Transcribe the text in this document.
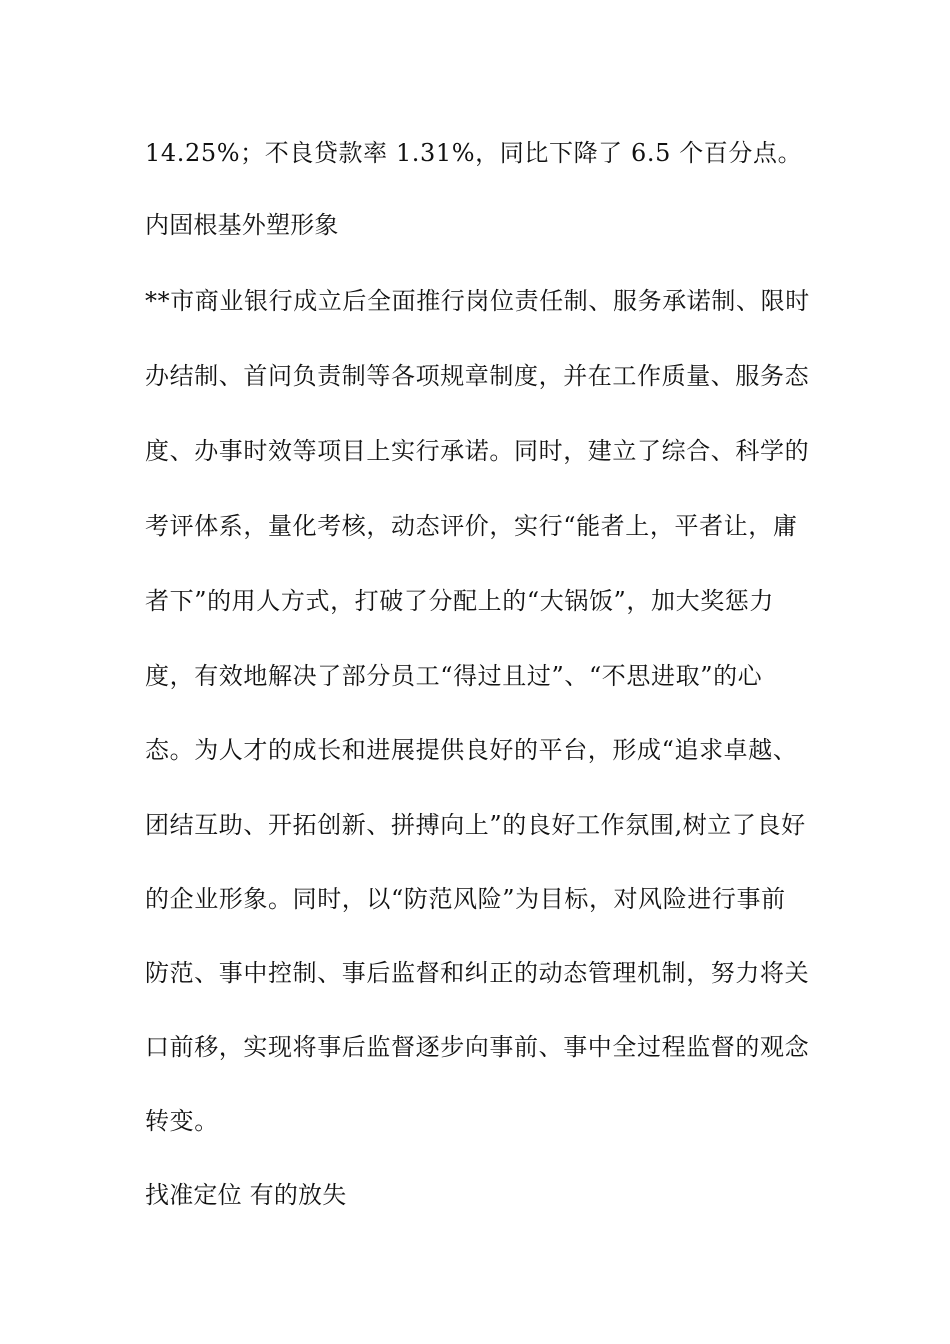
14.25%；不良贷款率 1.31%，同比下降了 6.5 个百分点。
内固根基外塑形象
**市商业银行成立后全面推行岗位责任制、服务承诺制、限时
办结制、首问负责制等各项规章制度，并在工作质量、服务态
度、办事时效等项目上实行承诺。同时，建立了综合、科学的
考评体系，量化考核，动态评价，实行“能者上，平者让，庸
者下”的用人方式，打破了分配上的“大锅饭”，加大奖惩力
度，有效地解决了部分员工“得过且过”、“不思进取”的心
态。为人才的成长和进展提供良好的平台，形成“追求卓越、
团结互助、开拓创新、拼搏向上”的良好工作氛围,树立了良好
的企业形象。同时，以“防范风险”为目标，对风险进行事前
防范、事中控制、事后监督和纠正的动态管理机制，努力将关
口前移，实现将事后监督逐步向事前、事中全过程监督的观念
转变。
找准定位 有的放失
